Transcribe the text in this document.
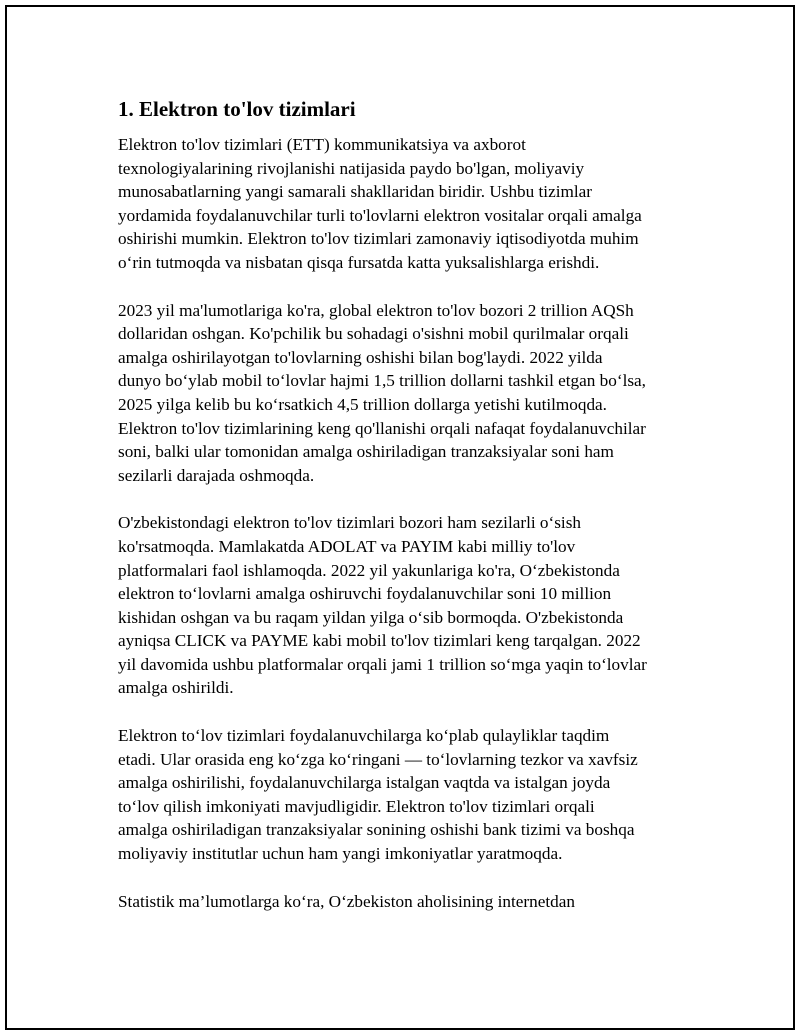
1. Elektron to'lov tizimlari
Elektron to'lov tizimlari (ETT) kommunikatsiya va axborot
texnologiyalarining rivojlanishi natijasida paydo bo'lgan, moliyaviy
munosabatlarning yangi samarali shakllaridan biridir. Ushbu tizimlar
yordamida foydalanuvchilar turli to'lovlarni elektron vositalar orqali amalga
oshirishi mumkin. Elektron to'lov tizimlari zamonaviy iqtisodiyotda muhim
o‘rin tutmoqda va nisbatan qisqa fursatda katta yuksalishlarga erishdi.
2023 yil ma'lumotlariga ko'ra, global elektron to'lov bozori 2 trillion AQSh
dollaridan oshgan. Ko'pchilik bu sohadagi o'sishni mobil qurilmalar orqali
amalga oshirilayotgan to'lovlarning oshishi bilan bog'laydi. 2022 yilda
dunyo bo‘ylab mobil to‘lovlar hajmi 1,5 trillion dollarni tashkil etgan bo‘lsa,
2025 yilga kelib bu ko‘rsatkich 4,5 trillion dollarga yetishi kutilmoqda.
Elektron to'lov tizimlarining keng qo'llanishi orqali nafaqat foydalanuvchilar
soni, balki ular tomonidan amalga oshiriladigan tranzaksiyalar soni ham
sezilarli darajada oshmoqda.
O'zbekistondagi elektron to'lov tizimlari bozori ham sezilarli o‘sish
ko'rsatmoqda. Mamlakatda ADOLAT va PAYIM kabi milliy to'lov
platformalari faol ishlamoqda. 2022 yil yakunlariga ko'ra, O‘zbekistonda
elektron to‘lovlarni amalga oshiruvchi foydalanuvchilar soni 10 million
kishidan oshgan va bu raqam yildan yilga o‘sib bormoqda. O'zbekistonda
ayniqsa CLICK va PAYME kabi mobil to'lov tizimlari keng tarqalgan. 2022
yil davomida ushbu platformalar orqali jami 1 trillion so‘mga yaqin to‘lovlar
amalga oshirildi.
Elektron to‘lov tizimlari foydalanuvchilarga ko‘plab qulayliklar taqdim
etadi. Ular orasida eng ko‘zga ko‘ringani — to‘lovlarning tezkor va xavfsiz
amalga oshirilishi, foydalanuvchilarga istalgan vaqtda va istalgan joyda
to‘lov qilish imkoniyati mavjudligidir. Elektron to'lov tizimlari orqali
amalga oshiriladigan tranzaksiyalar sonining oshishi bank tizimi va boshqa
moliyaviy institutlar uchun ham yangi imkoniyatlar yaratmoqda.
Statistik ma’lumotlarga ko‘ra, O‘zbekiston aholisining internetdan
